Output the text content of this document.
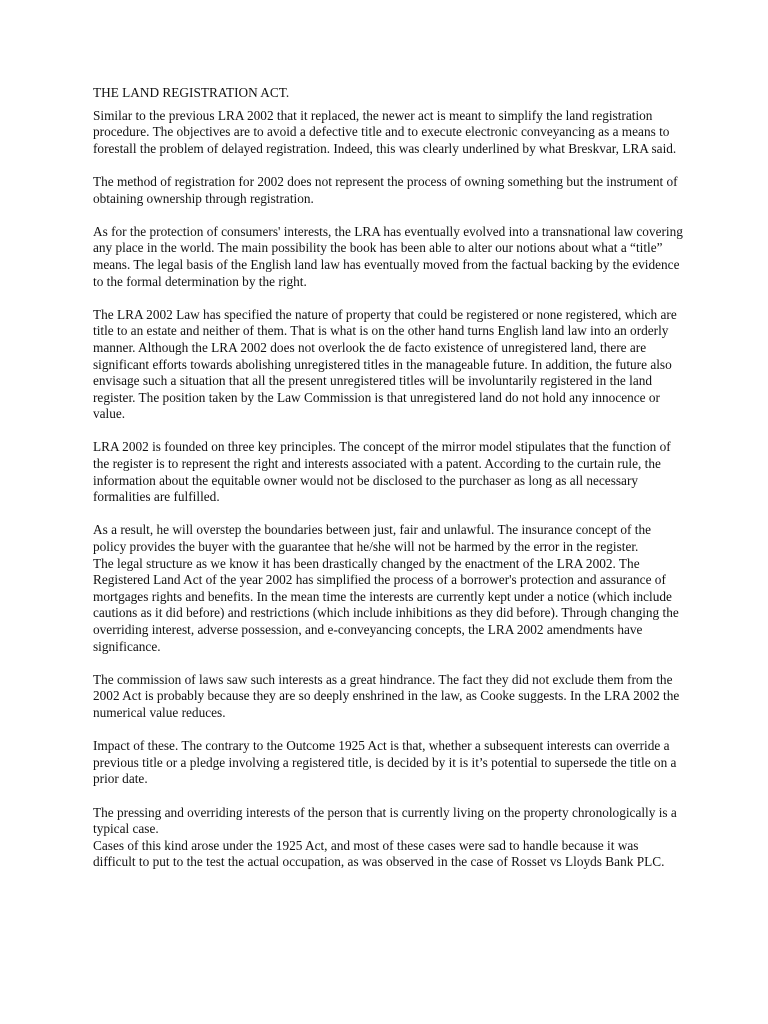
THE LAND REGISTRATION ACT.

Similar to the previous LRA 2002 that it replaced, the newer act is meant to simplify the land registration procedure. The objectives are to avoid a defective title and to execute electronic conveyancing as a means to forestall the problem of delayed registration. Indeed, this was clearly underlined by what Breskvar, LRA said.

The method of registration for 2002 does not represent the process of owning something but the instrument of obtaining ownership through registration.

As for the protection of consumers' interests, the LRA has eventually evolved into a transnational law covering any place in the world. The main possibility the book has been able to alter our notions about what a “title” means. The legal basis of the English land law has eventually moved from the factual backing by the evidence to the formal determination by the right.

The LRA 2002 Law has specified the nature of property that could be registered or none registered, which are title to an estate and neither of them. That is what is on the other hand turns English land law into an orderly manner. Although the LRA 2002 does not overlook the de facto existence of unregistered land, there are significant efforts towards abolishing unregistered titles in the manageable future. In addition, the future also envisage such a situation that all the present unregistered titles will be involuntarily registered in the land register. The position taken by the Law Commission is that unregistered land do not hold any innocence or value.

LRA 2002 is founded on three key principles. The concept of the mirror model stipulates that the function of the register is to represent the right and interests associated with a patent. According to the curtain rule, the information about the equitable owner would not be disclosed to the purchaser as long as all necessary formalities are fulfilled.

As a result, he will overstep the boundaries between just, fair and unlawful. The insurance concept of the policy provides the buyer with the guarantee that he/she will not be harmed by the error in the register.

The legal structure as we know it has been drastically changed by the enactment of the LRA 2002. The Registered Land Act of the year 2002 has simplified the process of a borrower's protection and assurance of mortgages rights and benefits. In the mean time the interests are currently kept under a notice (which include cautions as it did before) and restrictions (which include inhibitions as they did before). Through changing the overriding interest, adverse possession, and e-conveyancing concepts, the LRA 2002 amendments have significance.

The commission of laws saw such interests as a great hindrance. The fact they did not exclude them from the 2002 Act is probably because they are so deeply enshrined in the law, as Cooke suggests. In the LRA 2002 the numerical value reduces.

Impact of these. The contrary to the Outcome 1925 Act is that, whether a subsequent interests can override a previous title or a pledge involving a registered title, is decided by it is it’s potential to supersede the title on a prior date.

The pressing and overriding interests of the person that is currently living on the property chronologically is a typical case.

Cases of this kind arose under the 1925 Act, and most of these cases were sad to handle because it was difficult to put to the test the actual occupation, as was observed in the case of Rosset vs Lloyds Bank PLC.
